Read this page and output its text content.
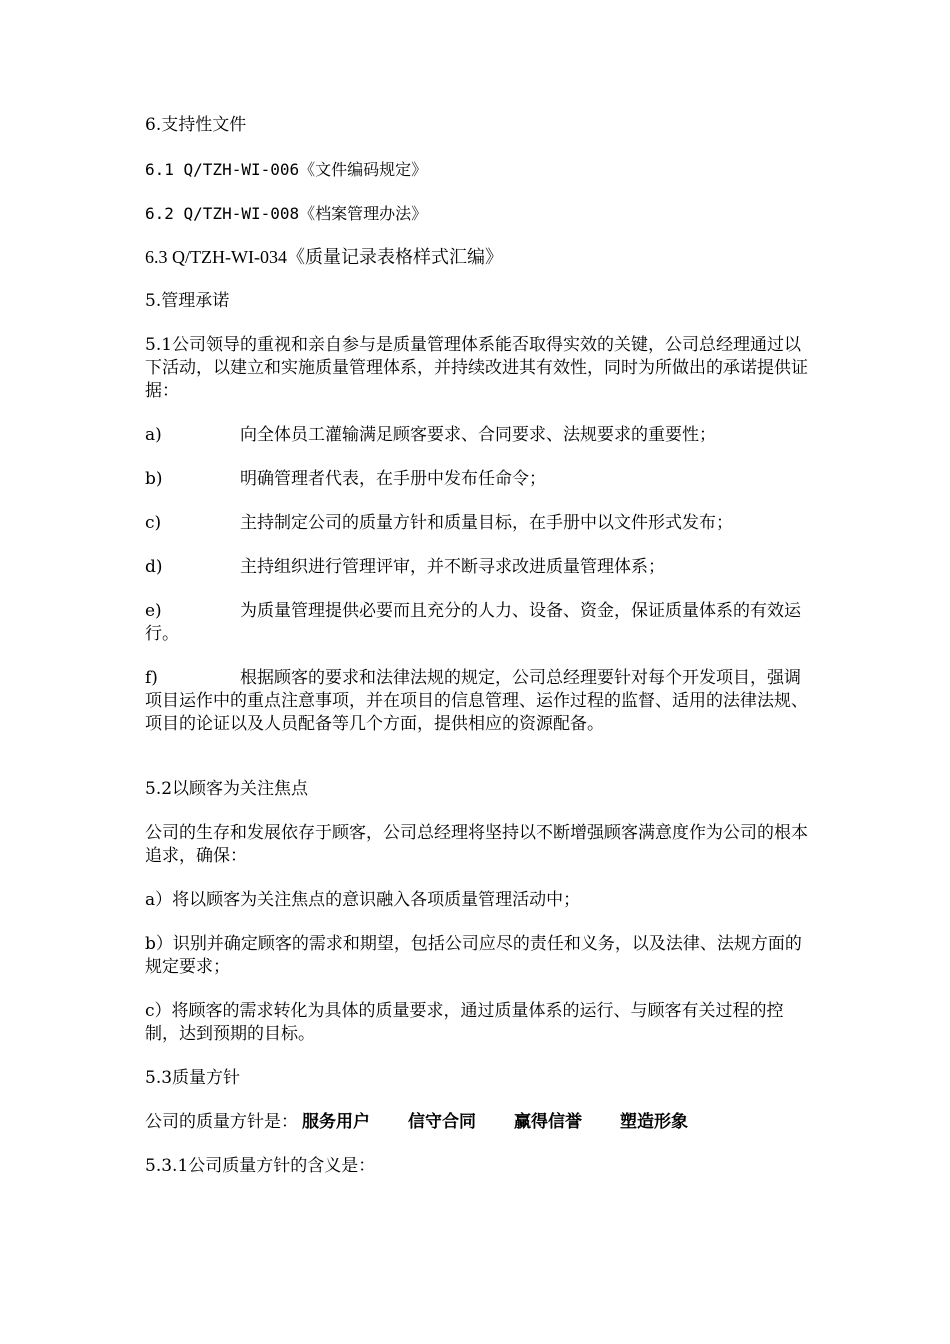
6.支持性文件

6.1 Q/TZH-WI-006《文件编码规定》

6.2 Q/TZH-WI-008《档案管理办法》

6.3 Q/TZH-WI-034《质量记录表格样式汇编》

5.管理承诺

5.1公司领导的重视和亲自参与是质量管理体系能否取得实效的关键，公司总经理通过以下活动，以建立和实施质量管理体系，并持续改进其有效性，同时为所做出的承诺提供证据：

a)	向全体员工灌输满足顾客要求、合同要求、法规要求的重要性；

b)	明确管理者代表，在手册中发布任命令；

c)	主持制定公司的质量方针和质量目标，在手册中以文件形式发布；

d)	主持组织进行管理评审，并不断寻求改进质量管理体系；

e)	为质量管理提供必要而且充分的人力、设备、资金，保证质量体系的有效运行。

f)	根据顾客的要求和法律法规的规定，公司总经理要针对每个开发项目，强调项目运作中的重点注意事项，并在项目的信息管理、运作过程的监督、适用的法律法规、项目的论证以及人员配备等几个方面，提供相应的资源配备。

5.2以顾客为关注焦点

公司的生存和发展依存于顾客，公司总经理将坚持以不断增强顾客满意度作为公司的根本追求，确保：

a）将以顾客为关注焦点的意识融入各项质量管理活动中；

b）识别并确定顾客的需求和期望，包括公司应尽的责任和义务，以及法律、法规方面的规定要求；

c）将顾客的需求转化为具体的质量要求，通过质量体系的运行、与顾客有关过程的控制，达到预期的目标。

5.3质量方针

公司的质量方针是： 服务用户 信守合同 赢得信誉 塑造形象

5.3.1公司质量方针的含义是：
